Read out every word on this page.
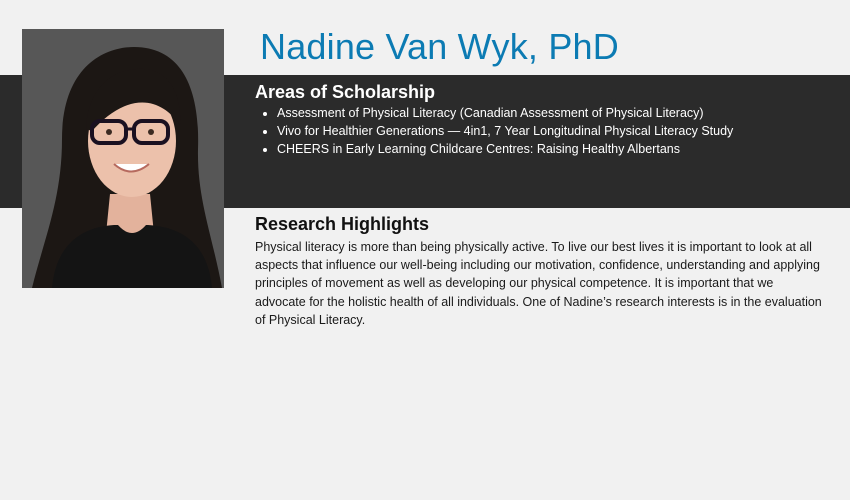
Nadine Van Wyk, PhD
Areas of Scholarship
• Assessment of Physical Literacy (Canadian Assessment of Physical Literacy)
• Vivo for Healthier Generations — 4in1, 7 Year Longitudinal Physical Literacy Study
• CHEERS in Early Learning Childcare Centres: Raising Healthy Albertans
Research Highlights

Physical literacy is more than being physically active. To live our best lives it is important to look at all aspects that influence our well-being including our motivation, confidence, understanding and applying principles of movement as well as developing our physical competence. It is important that we advocate for the holistic health of all individuals. One of Nadine’s research interests is in the evaluation of Physical Literacy.
